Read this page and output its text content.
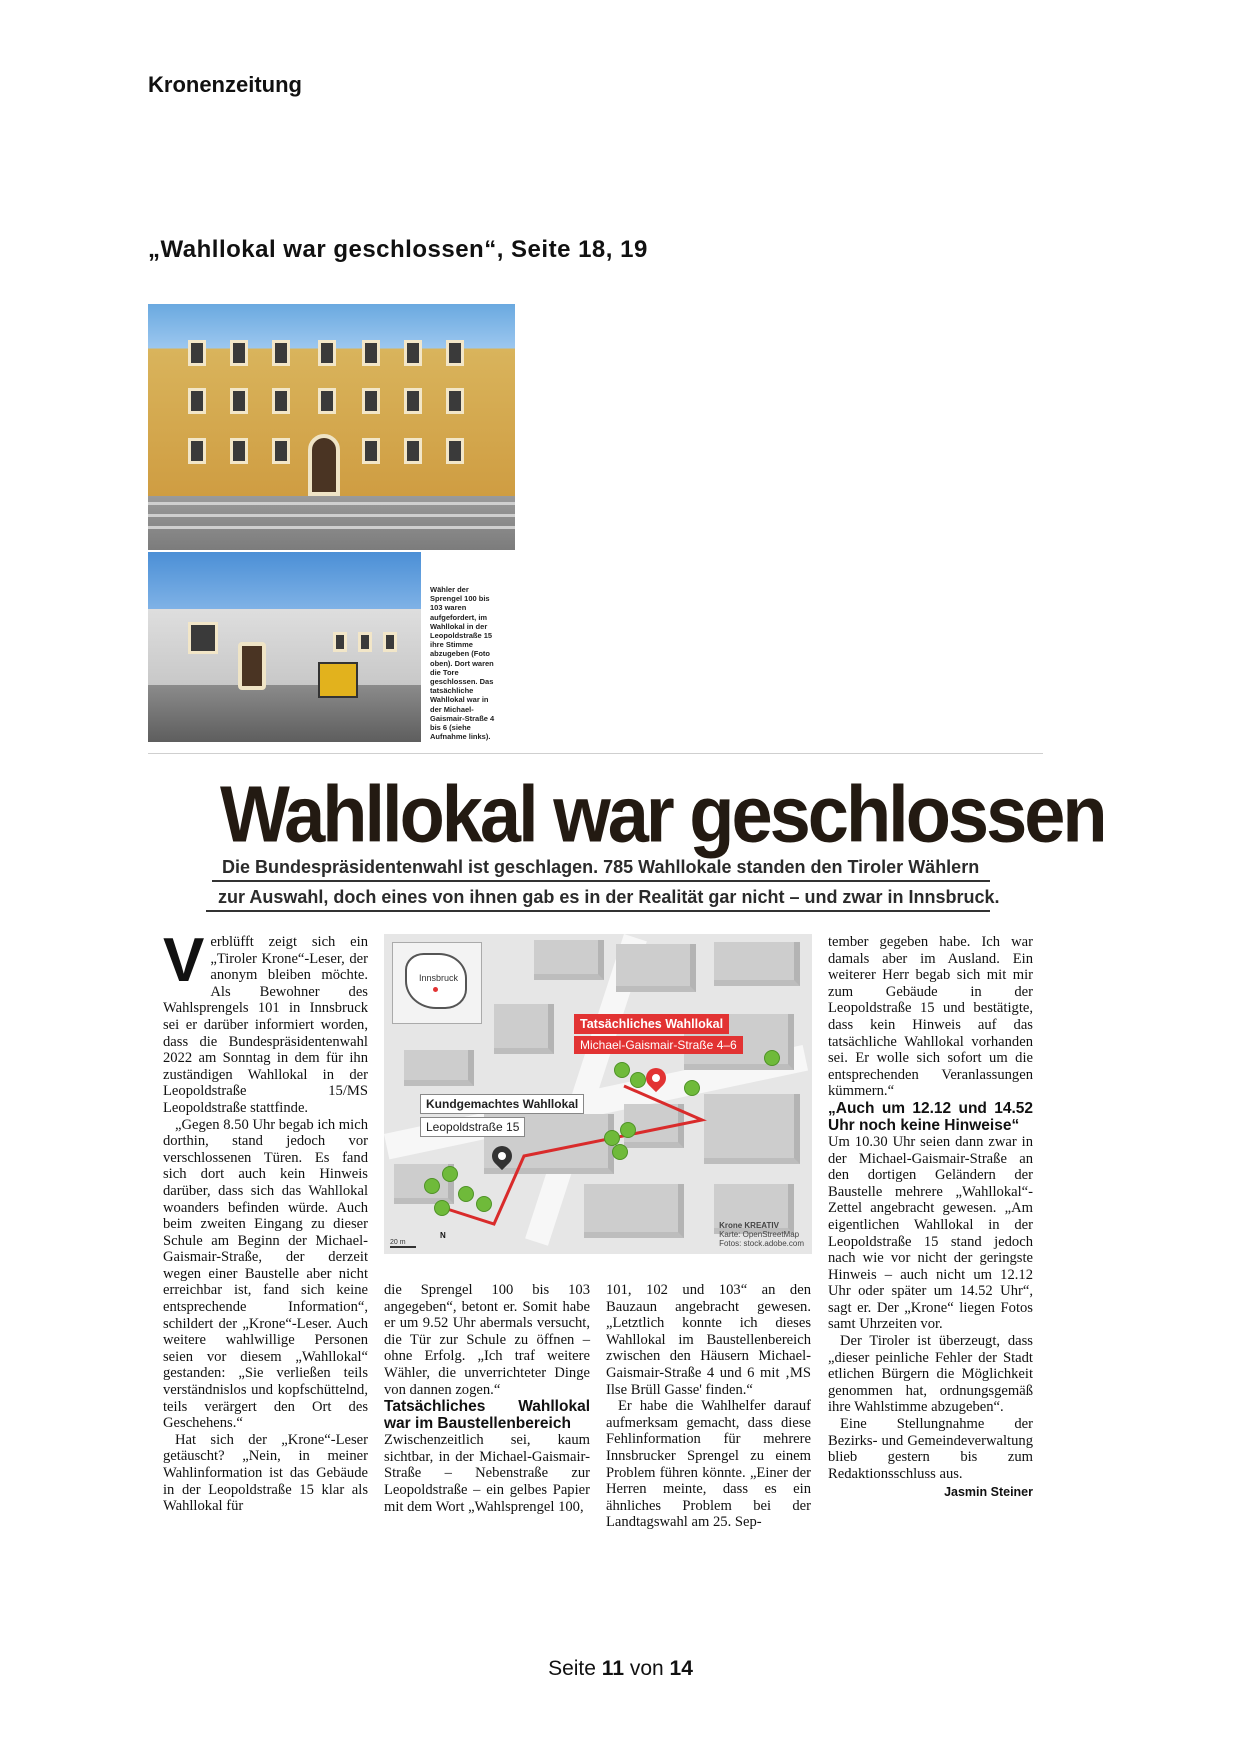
Kronenzeitung
„Wahllokal war geschlossen“, Seite 18, 19
Wähler der Sprengel 100 bis 103 waren aufgefordert, im Wahllokal in der Leopoldstraße 15 ihre Stimme abzugeben (Foto oben). Dort waren die Tore geschlossen. Das tatsächliche Wahllokal war in der Michael-Gaismair-Straße 4 bis 6 (siehe Aufnahme links).
Wahllokal war geschlossen
Die Bundespräsidentenwahl ist geschlagen. 785 Wahllokale standen den Tiroler Wählern
zur Auswahl, doch eines von ihnen gab es in der Realität gar nicht – und zwar in Innsbruck.

Verblüfft zeigt sich ein „Tiroler Krone“-Leser, der anonym bleiben möchte. Als Bewohner des Wahlsprengels 101 in Innsbruck sei er darüber informiert worden, dass die Bundespräsidentenwahl 2022 am Sonntag in dem für ihn zuständigen Wahllokal in der Leopoldstraße 15/MS Leopoldstraße stattfinde.

„Gegen 8.50 Uhr begab ich mich dorthin, stand jedoch vor verschlossenen Türen. Es fand sich dort auch kein Hinweis darüber, dass sich das Wahllokal woanders befinden würde. Auch beim zweiten Eingang zu dieser Schule am Beginn der Michael-Gaismair-Straße, der derzeit wegen einer Baustelle aber nicht erreichbar ist, fand sich keine entsprechende Information“, schildert der „Krone“-Leser. Auch weitere wahlwillige Personen seien vor diesem „Wahllokal“ gestanden: „Sie verließen teils verständnislos und kopfschüttelnd, teils verärgert den Ort des Geschehens.“

Hat sich der „Krone“-Leser getäuscht? „Nein, in meiner Wahlinformation ist das Gebäude in der Leopoldstraße 15 klar als Wahllokal für

Innsbruck
Tatsächliches Wahllokal
Michael-Gaismair-Straße 4–6
Kundgemachtes Wahllokal
Leopoldstraße 15
20 m
N
Krone KREATIV
Karte: OpenStreetMap
Fotos: stock.adobe.com

die Sprengel 100 bis 103 angegeben“, betont er. Somit habe er um 9.52 Uhr abermals versucht, die Tür zur Schule zu öffnen – ohne Erfolg. „Ich traf weitere Wähler, die unverrichteter Dinge von dannen zogen.“

Tatsächliches Wahllokal war im Baustellenbereich

Zwischenzeitlich sei, kaum sichtbar, in der Michael-Gaismair-Straße – Nebenstraße zur Leopoldstraße – ein gelbes Papier mit dem Wort „Wahlsprengel 100,

101, 102 und 103“ an den Bauzaun angebracht gewesen. „Letztlich konnte ich dieses Wahllokal im Baustellenbereich zwischen den Häusern Michael-Gaismair-Straße 4 und 6 mit ‚MS Ilse Brüll Gasse' finden.“

Er habe die Wahlhelfer darauf aufmerksam gemacht, dass diese Fehlinformation für mehrere Innsbrucker Sprengel zu einem Problem führen könnte. „Einer der Herren meinte, dass es ein ähnliches Problem bei der Landtagswahl am 25. Sep-

tember gegeben habe. Ich war damals aber im Ausland. Ein weiterer Herr begab sich mit mir zum Gebäude in der Leopoldstraße 15 und bestätigte, dass kein Hinweis auf das tatsächliche Wahllokal vorhanden sei. Er wolle sich sofort um die entsprechenden Veranlassungen kümmern.“

„Auch um 12.12 und 14.52 Uhr noch keine Hinweise“

Um 10.30 Uhr seien dann zwar in der Michael-Gaismair-Straße an den dortigen Geländern der Baustelle mehrere „Wahllokal“-Zettel angebracht gewesen. „Am eigentlichen Wahllokal in der Leopoldstraße 15 stand jedoch nach wie vor nicht der geringste Hinweis – auch nicht um 12.12 Uhr oder später um 14.52 Uhr“, sagt er. Der „Krone“ liegen Fotos samt Uhrzeiten vor.

Der Tiroler ist überzeugt, dass „dieser peinliche Fehler der Stadt etlichen Bürgern die Möglichkeit genommen hat, ordnungsgemäß ihre Wahlstimme abzugeben“.

Eine Stellungnahme der Bezirks- und Gemeindeverwaltung blieb gestern bis zum Redaktionsschluss aus.

Jasmin Steiner
Seite 11 von 14
